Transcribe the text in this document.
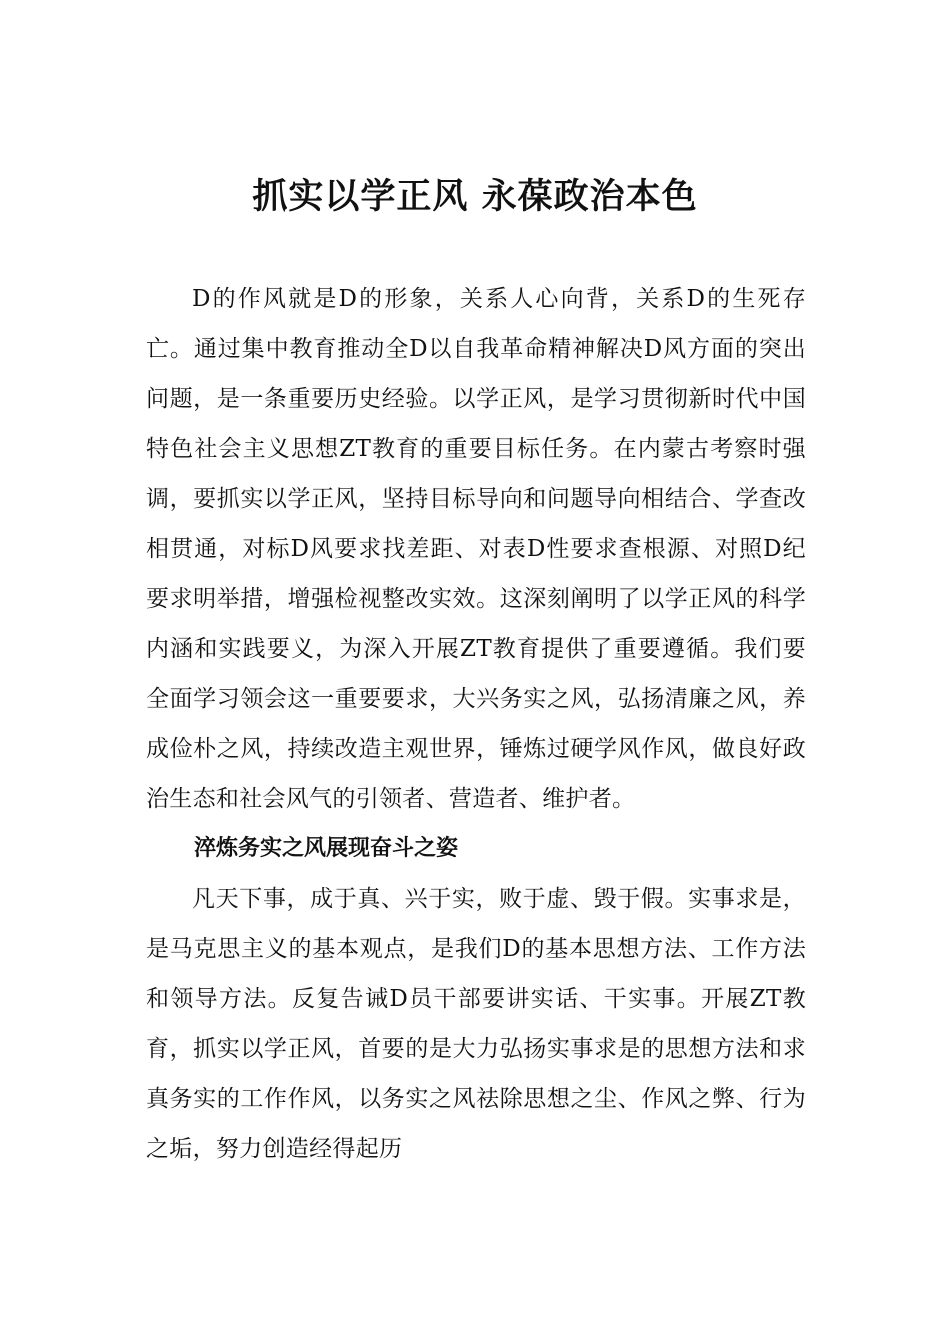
抓实以学正风 永葆政治本色

D的作风就是D的形象，关系人心向背，关系D的生死存亡。通过集中教育推动全D以自我革命精神解决D风方面的突出问题，是一条重要历史经验。以学正风，是学习贯彻新时代中国特色社会主义思想ZT教育的重要目标任务。在内蒙古考察时强调，要抓实以学正风，坚持目标导向和问题导向相结合、学查改相贯通，对标D风要求找差距、对表D性要求查根源、对照D纪要求明举措，增强检视整改实效。这深刻阐明了以学正风的科学内涵和实践要义，为深入开展ZT教育提供了重要遵循。我们要全面学习领会这一重要要求，大兴务实之风，弘扬清廉之风，养成俭朴之风，持续改造主观世界，锤炼过硬学风作风，做良好政治生态和社会风气的引领者、营造者、维护者。

淬炼务实之风展现奋斗之姿

凡天下事，成于真、兴于实，败于虚、毁于假。实事求是，是马克思主义的基本观点，是我们D的基本思想方法、工作方法和领导方法。反复告诫D员干部要讲实话、干实事。开展ZT教育，抓实以学正风，首要的是大力弘扬实事求是的思想方法和求真务实的工作作风，以务实之风祛除思想之尘、作风之弊、行为之垢，努力创造经得起历
